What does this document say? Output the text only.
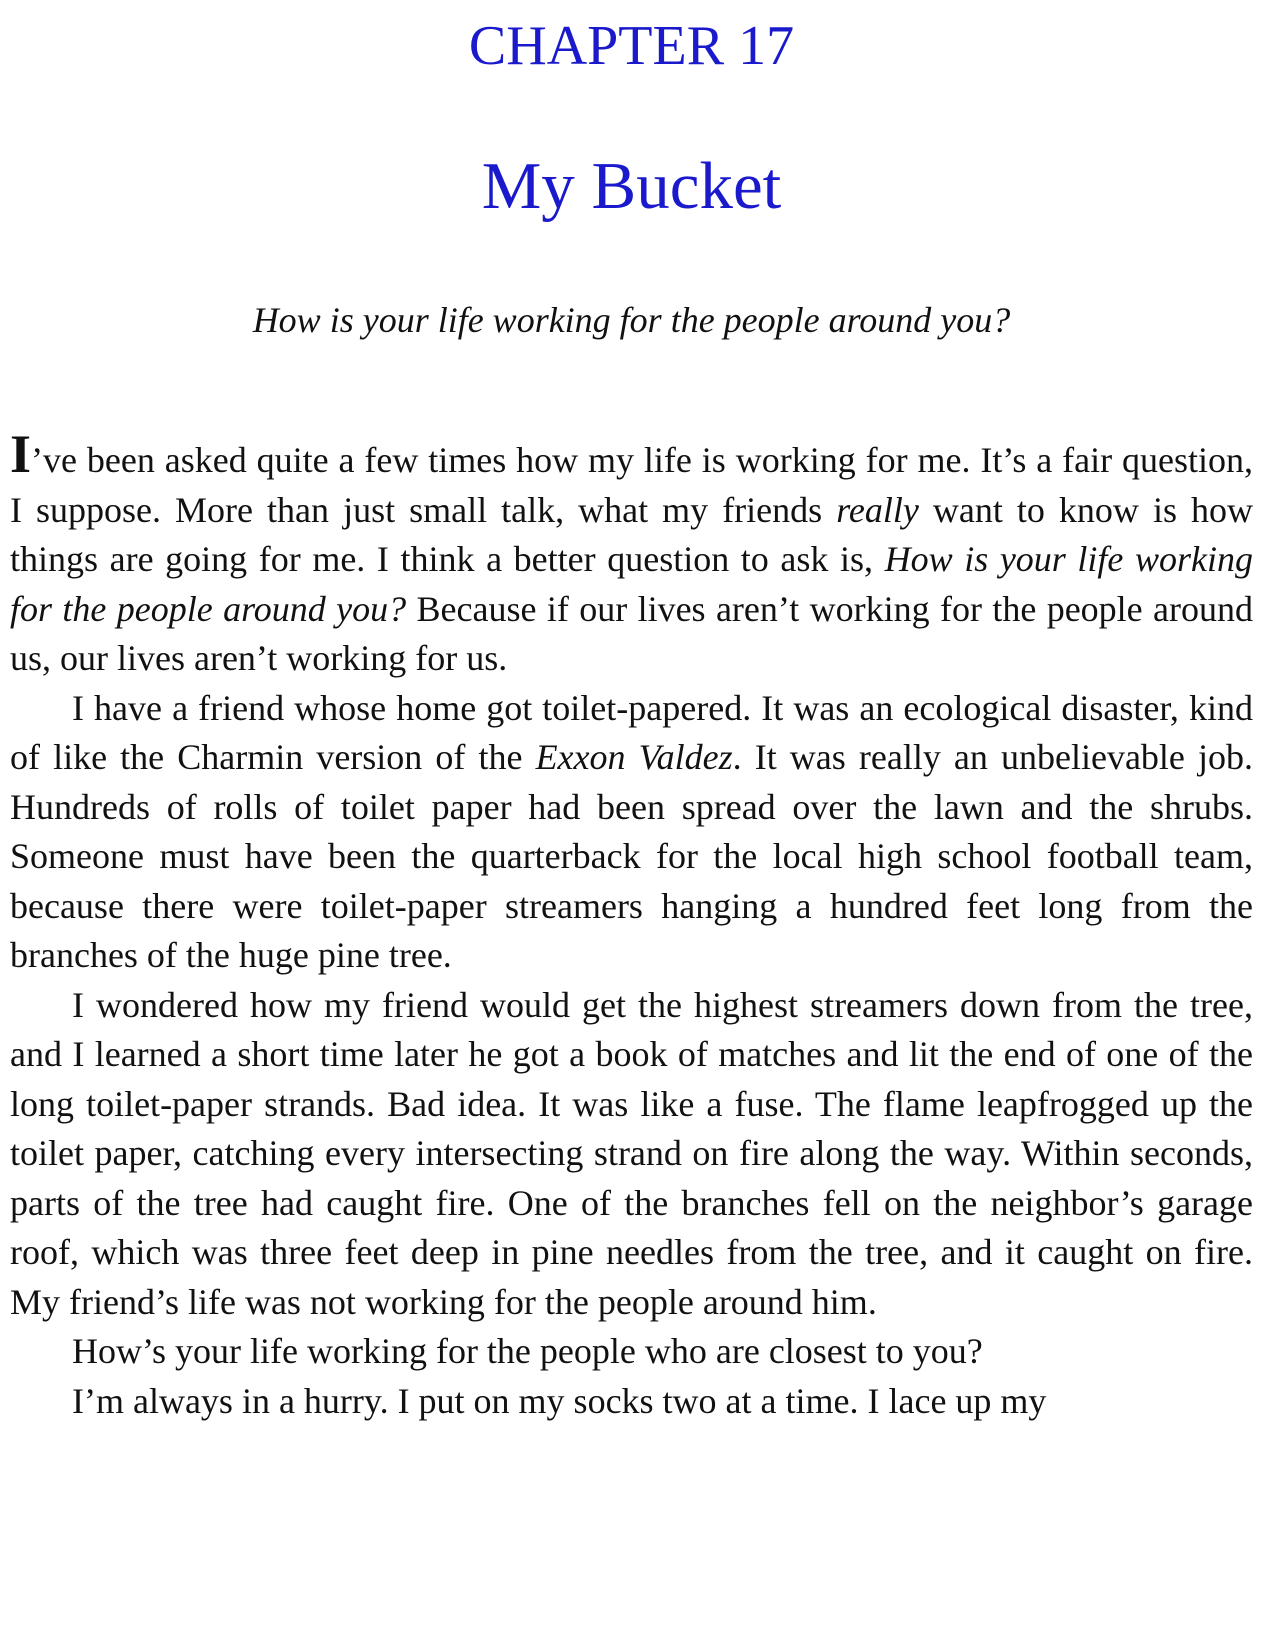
CHAPTER 17
My Bucket
How is your life working for the people around you?

I’ve been asked quite a few times how my life is working for me. It’s a fair question, I suppose. More than just small talk, what my friends really want to know is how things are going for me. I think a better question to ask is, How is your life working for the people around you? Because if our lives aren’t working for the people around us, our lives aren’t working for us.

I have a friend whose home got toilet-papered. It was an ecological disaster, kind of like the Charmin version of the Exxon Valdez. It was really an unbelievable job. Hundreds of rolls of toilet paper had been spread over the lawn and the shrubs. Someone must have been the quarterback for the local high school football team, because there were toilet-paper streamers hanging a hundred feet long from the branches of the huge pine tree.

I wondered how my friend would get the highest streamers down from the tree, and I learned a short time later he got a book of matches and lit the end of one of the long toilet-paper strands. Bad idea. It was like a fuse. The flame leapfrogged up the toilet paper, catching every intersecting strand on fire along the way. Within seconds, parts of the tree had caught fire. One of the branches fell on the neighbor’s garage roof, which was three feet deep in pine needles from the tree, and it caught on fire. My friend’s life was not working for the people around him.

How’s your life working for the people who are closest to you?

I’m always in a hurry. I put on my socks two at a time. I lace up my
